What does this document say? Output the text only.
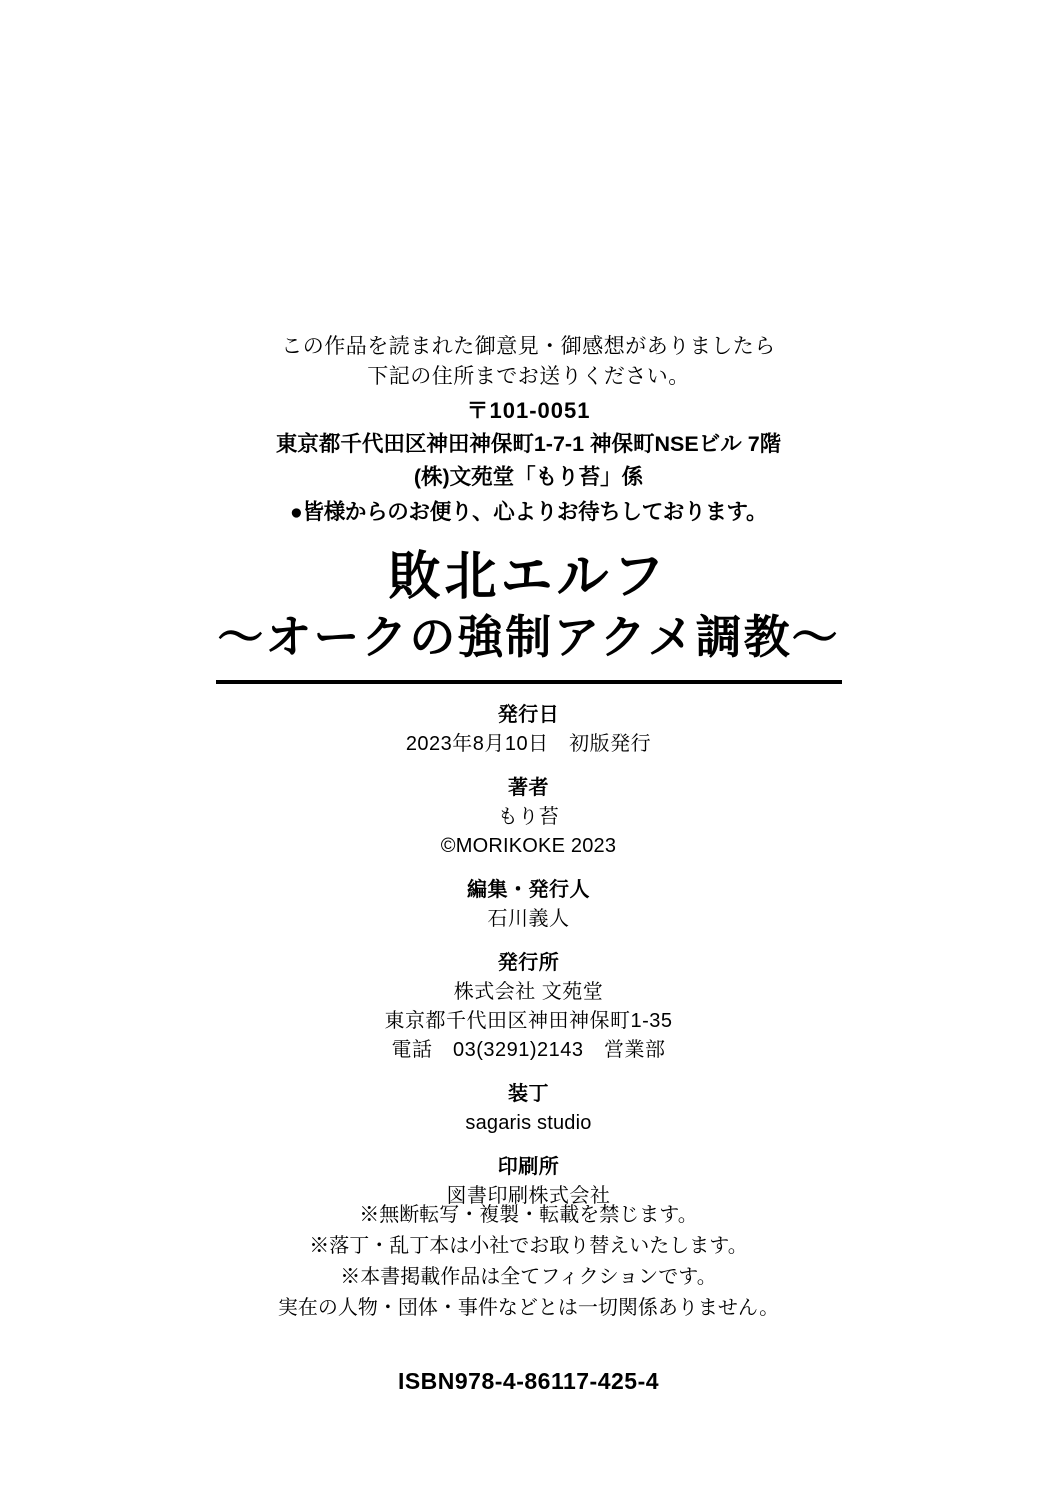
この作品を読まれた御意見・御感想がありましたら
下記の住所までお送りください。
〒101-0051
東京都千代田区神田神保町1-7-1 神保町NSEビル 7階
(株)文苑堂「もり苔」係
●皆様からのお便り、心よりお待ちしております。
敗北エルフ
～オークの強制アクメ調教～
発行日
2023年8月10日　初版発行
著者
もり苔
©MORIKOKE 2023
編集・発行人
石川義人
発行所
株式会社 文苑堂
東京都千代田区神田神保町1-35
電話　03(3291)2143　営業部
装丁
sagaris studio
印刷所
図書印刷株式会社
※無断転写・複製・転載を禁じます。
※落丁・乱丁本は小社でお取り替えいたします。
※本書掲載作品は全てフィクションです。
実在の人物・団体・事件などとは一切関係ありません。
ISBN978-4-86117-425-4
